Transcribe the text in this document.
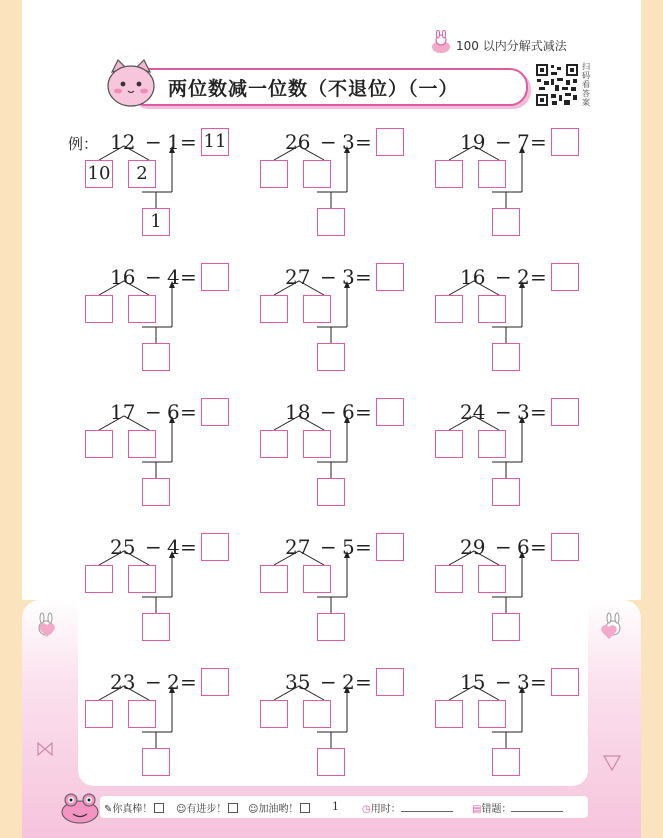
100 以内分解式减法
两位数减一位数（不退位）（一）
扫码看答案
例： 12 − 1 = 11
10	2
1
26 − 3 =	19 − 7 =
16 − 4 =	27 − 3 =	16 − 2 =
17 − 6 =	18 − 6 =	24 − 3 =
25 − 4 =	27 − 5 =	29 − 6 =
23 − 2 =	35 − 2 =	15 − 3 =
✎你真棒！	☺有进步！	☺加油哟！	1 ◷用时：	▤错题：
